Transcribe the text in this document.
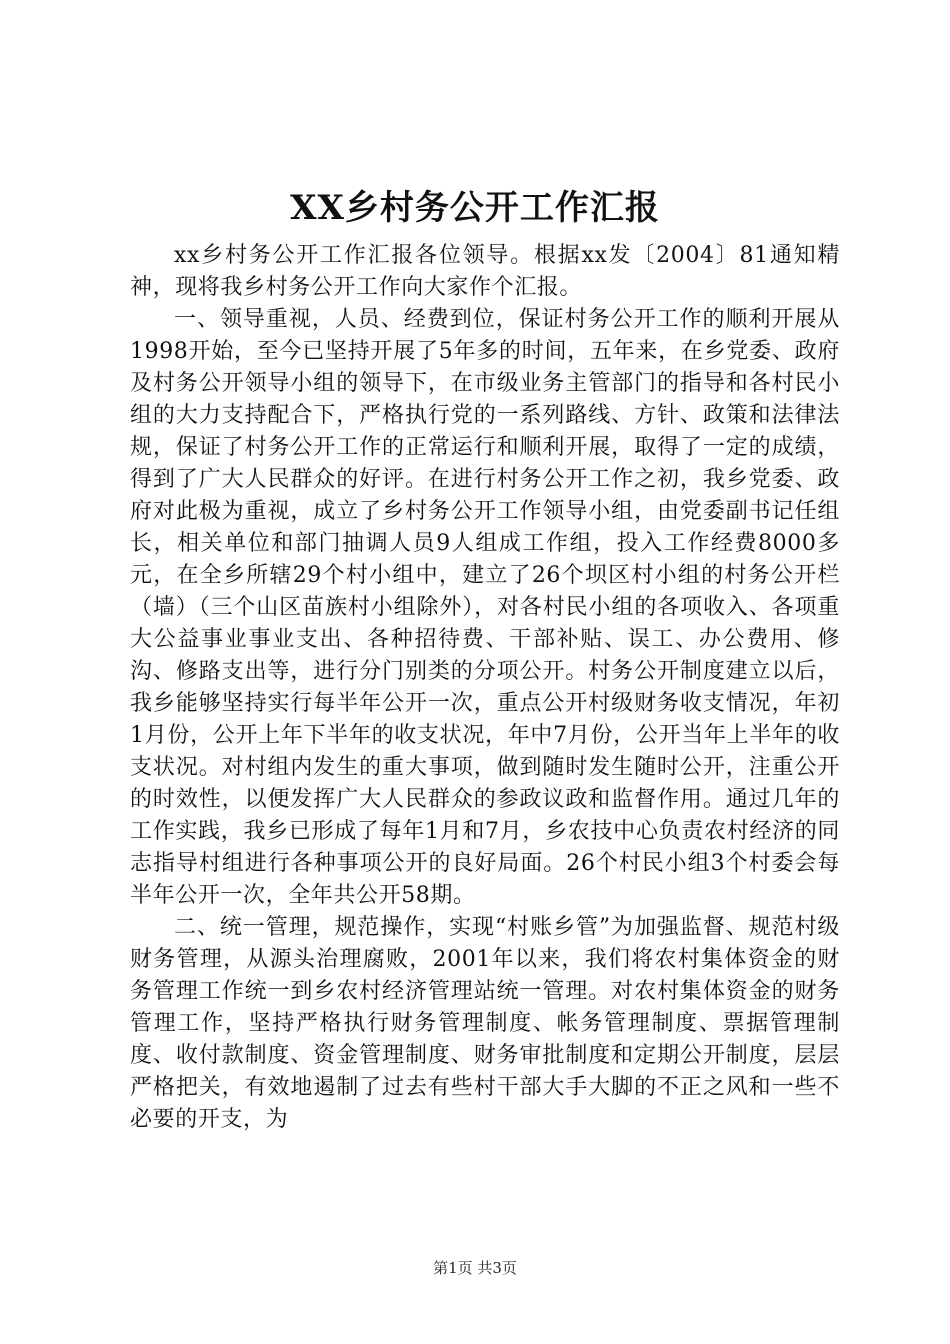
XX乡村务公开工作汇报

xx乡村务公开工作汇报各位领导。根据xx发〔2004〕81通知精神，现将我乡村务公开工作向大家作个汇报。

一、领导重视，人员、经费到位，保证村务公开工作的顺利开展从1998开始，至今已坚持开展了5年多的时间，五年来，在乡党委、政府及村务公开领导小组的领导下，在市级业务主管部门的指导和各村民小组的大力支持配合下，严格执行党的一系列路线、方针、政策和法律法规，保证了村务公开工作的正常运行和顺利开展，取得了一定的成绩，得到了广大人民群众的好评。在进行村务公开工作之初，我乡党委、政府对此极为重视，成立了乡村务公开工作领导小组，由党委副书记任组长，相关单位和部门抽调人员9人组成工作组，投入工作经费8000多元，在全乡所辖29个村小组中，建立了26个坝区村小组的村务公开栏（墙）（三个山区苗族村小组除外），对各村民小组的各项收入、各项重大公益事业事业支出、各种招待费、干部补贴、误工、办公费用、修沟、修路支出等，进行分门别类的分项公开。村务公开制度建立以后，我乡能够坚持实行每半年公开一次，重点公开村级财务收支情况，年初1月份，公开上年下半年的收支状况，年中7月份，公开当年上半年的收支状况。对村组内发生的重大事项，做到随时发生随时公开，注重公开的时效性，以便发挥广大人民群众的参政议政和监督作用。通过几年的工作实践，我乡已形成了每年1月和7月，乡农技中心负责农村经济的同志指导村组进行各种事项公开的良好局面。26个村民小组3个村委会每半年公开一次，全年共公开58期。

二、统一管理，规范操作，实现“村账乡管”为加强监督、规范村级财务管理，从源头治理腐败，2001年以来，我们将农村集体资金的财务管理工作统一到乡农村经济管理站统一管理。对农村集体资金的财务管理工作，坚持严格执行财务管理制度、帐务管理制度、票据管理制度、收付款制度、资金管理制度、财务审批制度和定期公开制度，层层严格把关，有效地遏制了过去有些村干部大手大脚的不正之风和一些不必要的开支，为

第1页 共3页
